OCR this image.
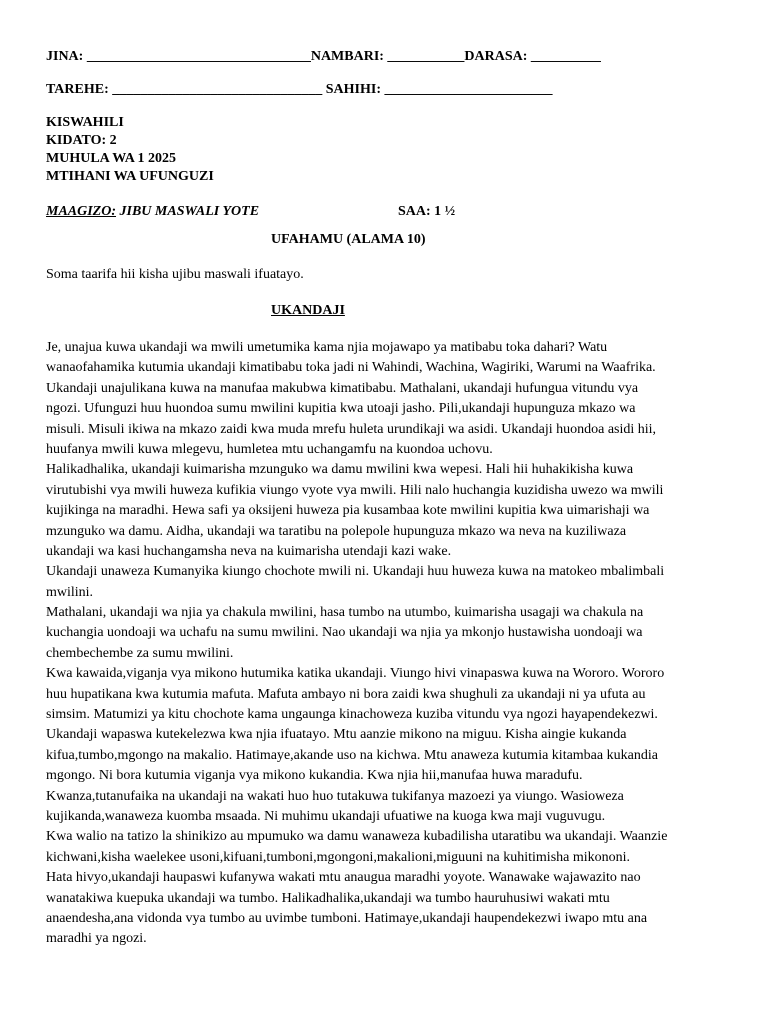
JINA: ________________________________NAMBARI: ___________DARASA: __________
TAREHE: ______________________________ SAHIHI: ________________________
KISWAHILI
KIDATO: 2
MUHULA WA 1 2025
MTIHANI WA UFUNGUZI
MAAGIZO: JIBU MASWALI YOTE	SAA: 1 ½
UFAHAMU (ALAMA 10)
Soma taarifa hii kisha ujibu maswali ifuatayo.
UKANDAJI
Je, unajua kuwa ukandaji wa mwili umetumika kama njia mojawapo ya matibabu toka dahari? Watu
wanaofahamika kutumia ukandaji kimatibabu toka jadi ni Wahindi, Wachina, Wagiriki, Warumi na Waafrika.
Ukandaji unajulikana kuwa na manufaa makubwa kimatibabu. Mathalani, ukandaji hufungua vitundu vya
ngozi. Ufunguzi huu huondoa sumu mwilini kupitia kwa utoaji jasho. Pili,ukandaji hupunguza mkazo wa
misuli. Misuli ikiwa na mkazo zaidi kwa muda mrefu huleta urundikaji wa asidi. Ukandaji huondoa asidi hii,
huufanya mwili kuwa mlegevu, humletea mtu uchangamfu na kuondoa uchovu.
Halikadhalika, ukandaji kuimarisha mzunguko wa damu mwilini kwa wepesi. Hali hii huhakikisha kuwa
virutubishi vya mwili huweza kufikia viungo vyote vya mwili. Hili nalo huchangia kuzidisha uwezo wa mwili
kujikinga na maradhi. Hewa safi ya oksijeni huweza pia kusambaa kote mwilini kupitia kwa uimarishaji wa
mzunguko wa damu. Aidha, ukandaji wa taratibu na polepole hupunguza mkazo wa neva na kuziliwaza
ukandaji wa kasi huchangamsha neva na kuimarisha utendaji kazi wake.
Ukandaji unaweza Kumanyika kiungo chochote mwili ni. Ukandaji huu huweza kuwa na matokeo mbalimbali
mwilini.
Mathalani, ukandaji wa njia ya chakula mwilini, hasa tumbo na utumbo, kuimarisha usagaji wa chakula na
kuchangia uondoaji wa uchafu na sumu mwilini. Nao ukandaji wa njia ya mkonjo hustawisha uondoaji wa
chembechembe za sumu mwilini.
Kwa kawaida,viganja vya mikono hutumika katika ukandaji. Viungo hivi vinapaswa kuwa na Wororo. Wororo
huu hupatikana kwa kutumia mafuta. Mafuta ambayo ni bora zaidi kwa shughuli za ukandaji ni ya ufuta au
simsim. Matumizi ya kitu chochote kama ungaunga kinachoweza kuziba vitundu vya ngozi hayapendekezwi.
Ukandaji wapaswa kutekelezwa kwa njia ifuatayo. Mtu aanzie mikono na miguu. Kisha aingie kukanda
kifua,tumbo,mgongo na makalio. Hatimaye,akande uso na kichwa. Mtu anaweza kutumia kitambaa kukandia
mgongo. Ni bora kutumia viganja vya mikono kukandia. Kwa njia hii,manufaa huwa maradufu.
Kwanza,tutanufaika na ukandaji na wakati huo huo tutakuwa tukifanya mazoezi ya viungo. Wasioweza
kujikanda,wanaweza kuomba msaada. Ni muhimu ukandaji ufuatiwe na kuoga kwa maji vuguvugu.
Kwa walio na tatizo la shinikizo au mpumuko wa damu wanaweza kubadilisha utaratibu wa ukandaji. Waanzie
kichwani,kisha waelekee usoni,kifuani,tumboni,mgongoni,makalioni,miguuni na kuhitimisha mikononi.
Hata hivyo,ukandaji haupaswi kufanywa wakati mtu anaugua maradhi yoyote. Wanawake wajawazito nao
wanatakiwa kuepuka ukandaji wa tumbo. Halikadhalika,ukandaji wa tumbo hauruhusiwi wakati mtu
anaendesha,ana vidonda vya tumbo au uvimbe tumboni. Hatimaye,ukandaji haupendekezwi iwapo mtu ana
maradhi ya ngozi.
